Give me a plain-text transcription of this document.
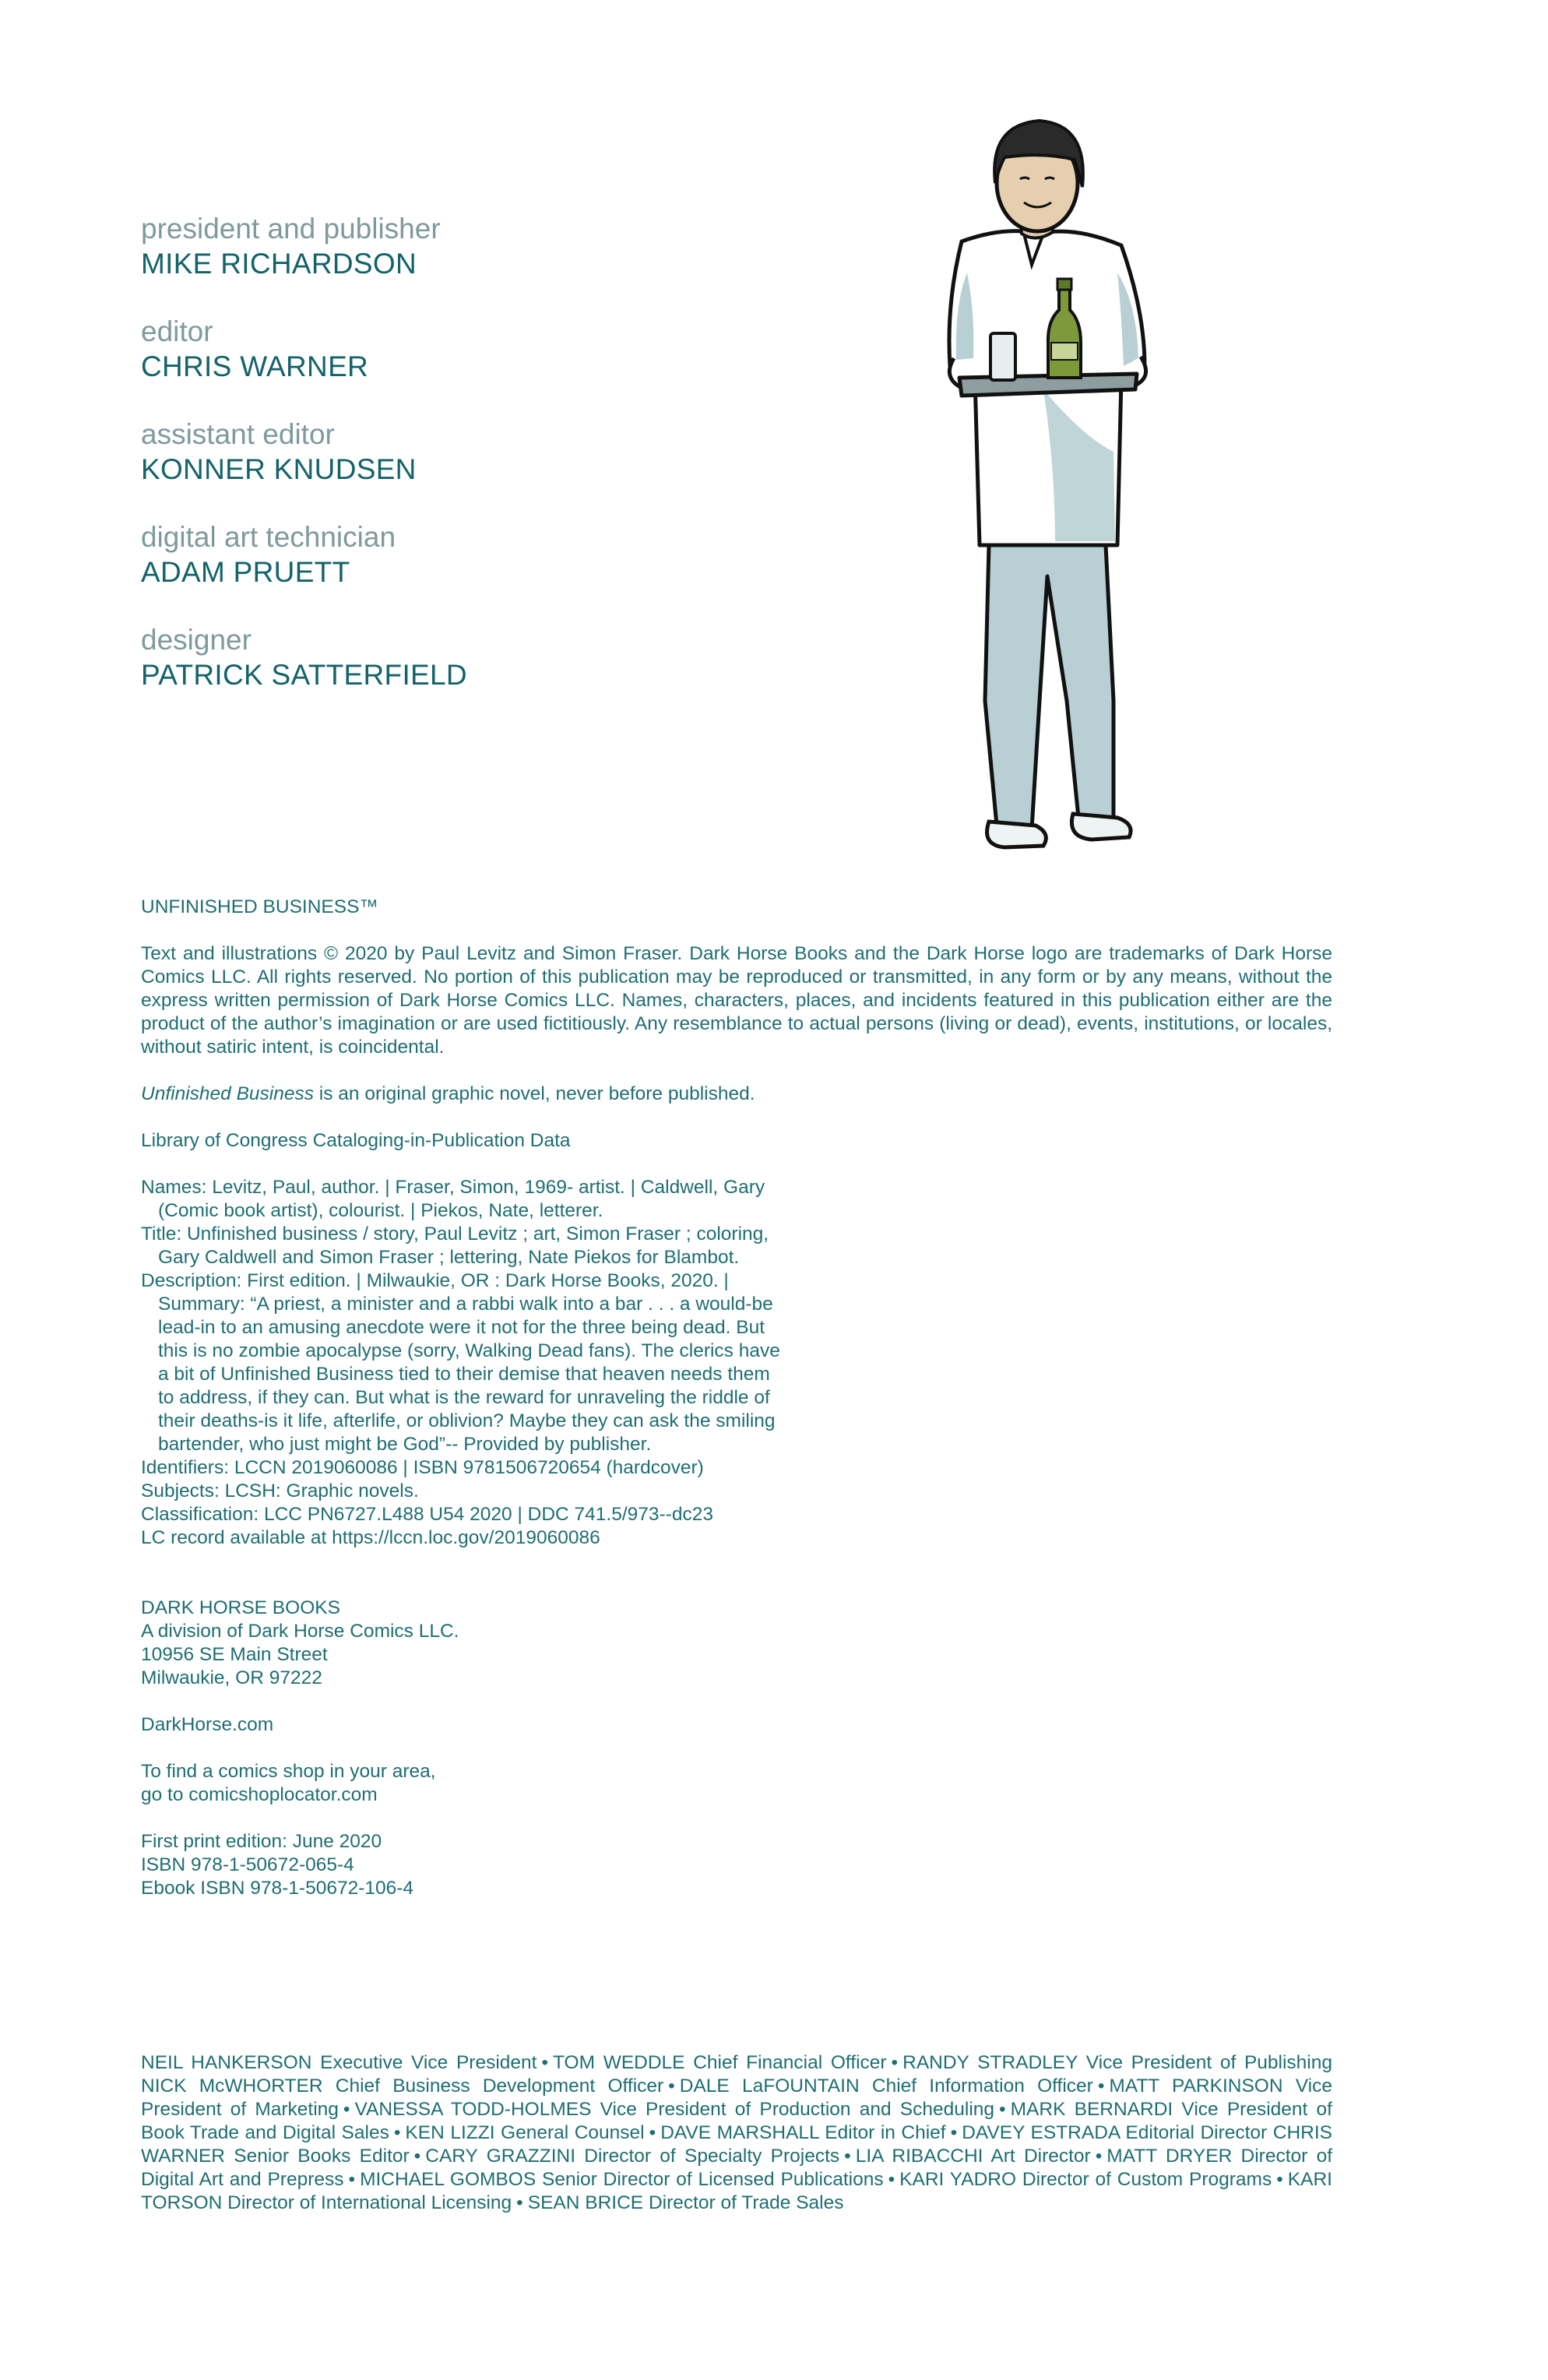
president and publisher
MIKE RICHARDSON
editor
CHRIS WARNER
assistant editor
KONNER KNUDSEN
digital art technician
ADAM PRUETT
designer
PATRICK SATTERFIELD

UNFINISHED BUSINESS™

Text and illustrations © 2020 by Paul Levitz and Simon Fraser. Dark Horse Books and the Dark Horse logo are trademarks of Dark Horse Comics LLC. All rights reserved. No portion of this publication may be reproduced or transmitted, in any form or by any means, without the express written permission of Dark Horse Comics LLC. Names, characters, places, and incidents featured in this publication either are the product of the author’s imagination or are used fictitiously. Any resemblance to actual persons (living or dead), events, institutions, or locales, without satiric intent, is coincidental.

Unfinished Business is an original graphic novel, never before published.

Library of Congress Cataloging-in-Publication Data

Names: Levitz, Paul, author. | Fraser, Simon, 1969- artist. | Caldwell, Gary (Comic book artist), colourist. | Piekos, Nate, letterer.

Title: Unfinished business / story, Paul Levitz ; art, Simon Fraser ; coloring, Gary Caldwell and Simon Fraser ; lettering, Nate Piekos for Blambot.

Description: First edition. | Milwaukie, OR : Dark Horse Books, 2020. | Summary: “A priest, a minister and a rabbi walk into a bar . . . a would-be lead-in to an amusing anecdote were it not for the three being dead. But this is no zombie apocalypse (sorry, Walking Dead fans). The clerics have a bit of Unfinished Business tied to their demise that heaven needs them to address, if they can. But what is the reward for unraveling the riddle of their deaths-is it life, afterlife, or oblivion? Maybe they can ask the smiling bartender, who just might be God”-- Provided by publisher.

Identifiers: LCCN 2019060086 | ISBN 9781506720654 (hardcover)

Subjects: LCSH: Graphic novels.

Classification: LCC PN6727.L488 U54 2020 | DDC 741.5/973--dc23

LC record available at https://lccn.loc.gov/2019060086

DARK HORSE BOOKS

A division of Dark Horse Comics LLC.

10956 SE Main Street

Milwaukie, OR 97222

DarkHorse.com

To find a comics shop in your area,

go to comicshoplocator.com

First print edition: June 2020

ISBN 978-1-50672-065-4

Ebook ISBN 978-1-50672-106-4

NEIL HANKERSON Executive Vice President • TOM WEDDLE Chief Financial Officer • RANDY STRADLEY Vice President of Publishing NICK McWHORTER Chief Business Development Officer • DALE LaFOUNTAIN Chief Information Officer • MATT PARKINSON Vice President of Marketing • VANESSA TODD-HOLMES Vice President of Production and Scheduling • MARK BERNARDI Vice President of Book Trade and Digital Sales • KEN LIZZI General Counsel • DAVE MARSHALL Editor in Chief • DAVEY ESTRADA Editorial Director CHRIS WARNER Senior Books Editor • CARY GRAZZINI Director of Specialty Projects • LIA RIBACCHI Art Director • MATT DRYER Director of Digital Art and Prepress • MICHAEL GOMBOS Senior Director of Licensed Publications • KARI YADRO Director of Custom Programs • KARI TORSON Director of International Licensing • SEAN BRICE Director of Trade Sales
